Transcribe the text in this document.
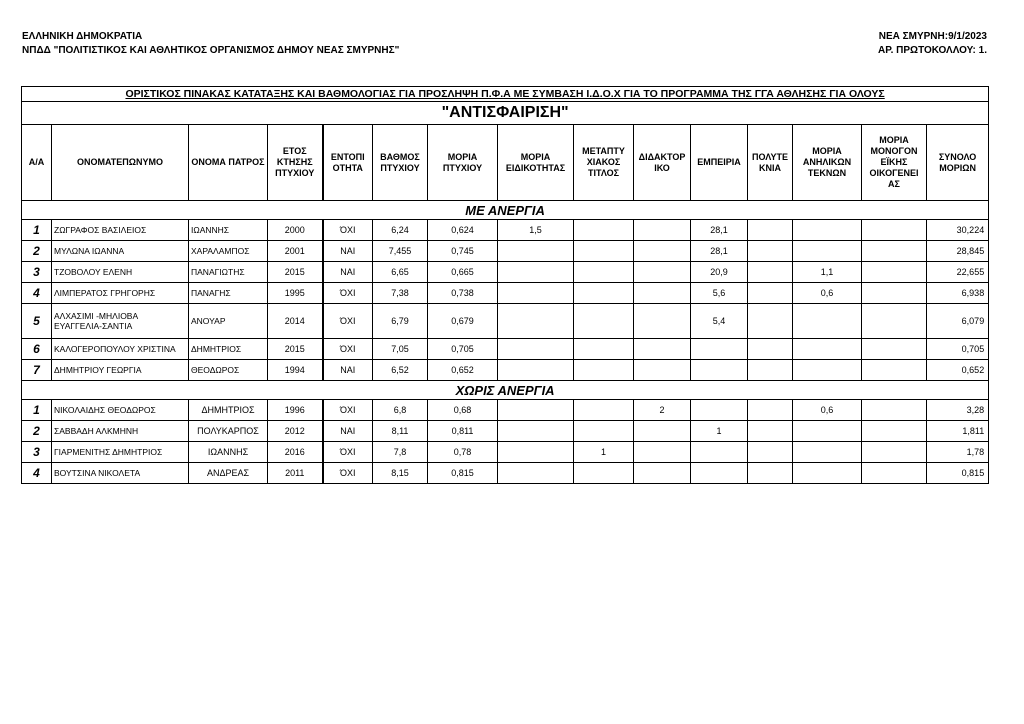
ΕΛΛΗΝΙΚΗ ΔΗΜΟΚΡΑΤΙΑ
ΝΠΔΔ "ΠΟΛΙΤΙΣΤΙΚΟΣ ΚΑΙ ΑΘΛΗΤΙΚΟΣ ΟΡΓΑΝΙΣΜΟΣ ΔΗΜΟΥ ΝΕΑΣ ΣΜΥΡΝΗΣ"
ΝΕΑ ΣΜΥΡΝΗ:9/1/2023
ΑΡ. ΠΡΩΤΟΚΟΛΛΟΥ: 1.
ΟΡΙΣΤΙΚΟΣ ΠΙΝΑΚΑΣ ΚΑΤΑΤΑΞΗΣ ΚΑΙ ΒΑΘΜΟΛΟΓΙΑΣ ΓΙΑ ΠΡΟΣΛΗΨΗ Π.Φ.Α ΜΕ ΣΥΜΒΑΣΗ Ι.Δ.Ο.Χ ΓΙΑ ΤΟ ΠΡΟΓΡΑΜΜΑ ΤΗΣ ΓΓΑ ΑΘΛΗΣΗΣ ΓΙΑ ΟΛΟΥΣ														
"ΑΝΤΙΣΦΑΙΡΙΣΗ"														
Α/Α	ΟΝΟΜΑΤΕΠΩΝΥΜΟ	ΟΝΟΜΑ ΠΑΤΡΟΣ	ΕΤΟΣ ΚΤΗΣΗΣ ΠΤΥΧΙΟΥ	ΕΝΤΟΠΙ ΟΤΗΤΑ	ΒΑΘΜΟΣ ΠΤΥΧΙΟΥ	ΜΟΡΙΑ ΠΤΥΧΙΟΥ	ΜΟΡΙΑ ΕΙΔΙΚΟΤΗΤΑΣ	ΜΕΤΑΠΤΥ ΧΙΑΚΟΣ ΤΙΤΛΟΣ	ΔΙΔΑΚΤΟΡ ΙΚΟ	ΕΜΠΕΙΡΙΑ	ΠΟΛΥΤΕ ΚΝΙΑ	ΜΟΡΙΑ ΑΝΗΛΙΚΩΝ ΤΕΚΝΩΝ	ΜΟΡΙΑ ΜΟΝΟΓΟΝ ΕΪΚΗΣ ΟΙΚΟΓΕΝΕΙ ΑΣ	ΣΥΝΟΛΟ ΜΟΡΙΩΝ
ΜΕ ΑΝΕΡΓΙΑ														
1	ΖΩΓΡΑΦΟΣ ΒΑΣΙΛΕΙΟΣ	ΙΩΑΝΝΗΣ	2000	ΌΧΙ	6,24	0,624	1,5			28,1				30,224
2	ΜΥΛΩΝΑ ΙΩΑΝΝΑ	ΧΑΡΑΛΑΜΠΟΣ	2001	ΝΑΙ	7,455	0,745				28,1				28,845
3	ΤΖΟΒΟΛΟΥ ΕΛΕΝΗ	ΠΑΝΑΓΙΩΤΗΣ	2015	ΝΑΙ	6,65	0,665				20,9		1,1		22,655
4	ΛΙΜΠΕΡΑΤΟΣ ΓΡΗΓΟΡΗΣ	ΠΑΝΑΓΗΣ	1995	ΌΧΙ	7,38	0,738				5,6		0,6		6,938
5	ΑΛΧΑΣΙΜΙ -ΜΗΛΙΟΒΑ ΕΥΑΓΓΕΛΙΑ-ΣΑΝΤΙΑ	ΑΝΟΥΑΡ	2014	ΌΧΙ	6,79	0,679				5,4				6,079
6	ΚΑΛΟΓΕΡΟΠΟΥΛΟΥ ΧΡΙΣΤΙΝΑ	ΔΗΜΗΤΡΙΟΣ	2015	ΌΧΙ	7,05	0,705								0,705
7	ΔΗΜΗΤΡΙΟΥ ΓΕΩΡΓΙΑ	ΘΕΟΔΩΡΟΣ	1994	ΝΑΙ	6,52	0,652								0,652
ΧΩΡΙΣ ΑΝΕΡΓΙΑ														
1	ΝΙΚΟΛΑΙΔΗΣ ΘΕΟΔΩΡΟΣ	ΔΗΜΗΤΡΙΟΣ	1996	ΌΧΙ	6,8	0,68			2			0,6		3,28
2	ΣΑΒΒΑΔΗ ΑΛΚΜΗΝΗ	ΠΟΛΥΚΑΡΠΟΣ	2012	ΝΑΙ	8,11	0,811				1				1,811
3	ΓΙΑΡΜΕΝΙΤΗΣ ΔΗΜΗΤΡΙΟΣ	ΙΩΑΝΝΗΣ	2016	ΌΧΙ	7,8	0,78		1						1,78
4	ΒΟΥΤΣΙΝΑ ΝΙΚΟΛΕΤΑ	ΑΝΔΡΕΑΣ	2011	ΌΧΙ	8,15	0,815								0,815
